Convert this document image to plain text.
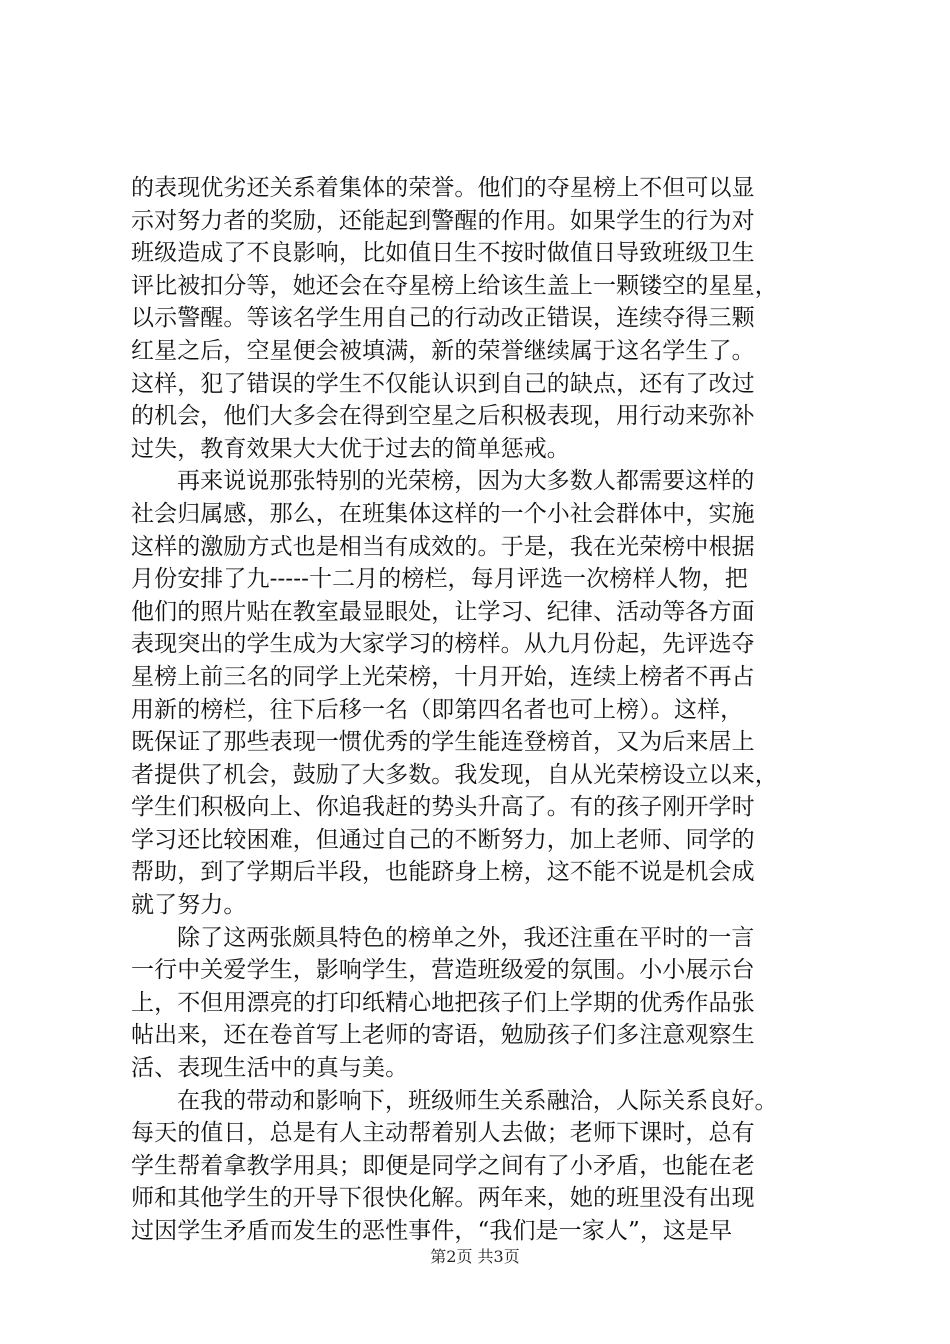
的表现优劣还关系着集体的荣誉。他们的夺星榜上不但可以显
示对努力者的奖励，还能起到警醒的作用。如果学生的行为对
班级造成了不良影响，比如值日生不按时做值日导致班级卫生
评比被扣分等，她还会在夺星榜上给该生盖上一颗镂空的星星，
以示警醒。等该名学生用自己的行动改正错误，连续夺得三颗
红星之后，空星便会被填满，新的荣誉继续属于这名学生了。
这样，犯了错误的学生不仅能认识到自己的缺点，还有了改过
的机会，他们大多会在得到空星之后积极表现，用行动来弥补
过失，教育效果大大优于过去的简单惩戒。
再来说说那张特别的光荣榜，因为大多数人都需要这样的
社会归属感，那么，在班集体这样的一个小社会群体中，实施
这样的激励方式也是相当有成效的。于是，我在光荣榜中根据
月份安排了九-----十二月的榜栏，每月评选一次榜样人物，把
他们的照片贴在教室最显眼处，让学习、纪律、活动等各方面
表现突出的学生成为大家学习的榜样。从九月份起，先评选夺
星榜上前三名的同学上光荣榜，十月开始，连续上榜者不再占
用新的榜栏，往下后移一名（即第四名者也可上榜）。这样，
既保证了那些表现一惯优秀的学生能连登榜首，又为后来居上
者提供了机会，鼓励了大多数。我发现，自从光荣榜设立以来，
学生们积极向上、你追我赶的势头升高了。有的孩子刚开学时
学习还比较困难，但通过自己的不断努力，加上老师、同学的
帮助，到了学期后半段，也能跻身上榜，这不能不说是机会成
就了努力。
除了这两张颇具特色的榜单之外，我还注重在平时的一言
一行中关爱学生，影响学生，营造班级爱的氛围。小小展示台
上，不但用漂亮的打印纸精心地把孩子们上学期的优秀作品张
帖出来，还在卷首写上老师的寄语，勉励孩子们多注意观察生
活、表现生活中的真与美。
在我的带动和影响下，班级师生关系融洽，人际关系良好。
每天的值日，总是有人主动帮着别人去做；老师下课时，总有
学生帮着拿教学用具；即便是同学之间有了小矛盾，也能在老
师和其他学生的开导下很快化解。两年来，她的班里没有出现
过因学生矛盾而发生的恶性事件，“我们是一家人”，这是早
第2页 共3页
